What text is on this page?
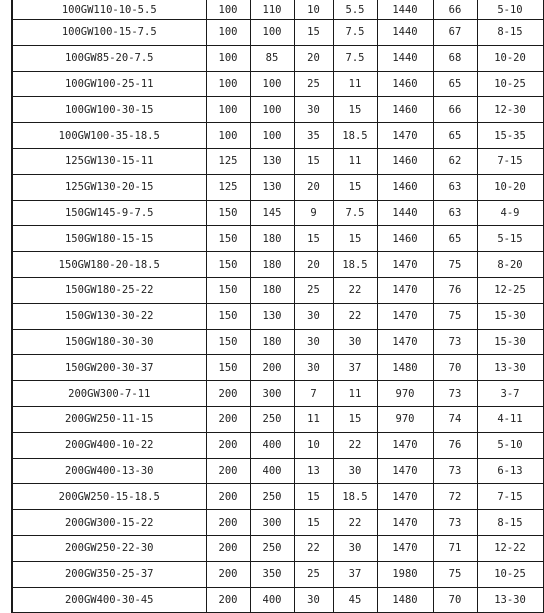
100GW110-10-5.5	100	110	10	5.5	1440	66	5-10
100GW100-15-7.5	100	100	15	7.5	1440	67	8-15
100GW85-20-7.5	100	85	20	7.5	1440	68	10-20
100GW100-25-11	100	100	25	11	1460	65	10-25
100GW100-30-15	100	100	30	15	1460	66	12-30
100GW100-35-18.5	100	100	35	18.5	1470	65	15-35
125GW130-15-11	125	130	15	11	1460	62	7-15
125GW130-20-15	125	130	20	15	1460	63	10-20
150GW145-9-7.5	150	145	9	7.5	1440	63	4-9
150GW180-15-15	150	180	15	15	1460	65	5-15
150GW180-20-18.5	150	180	20	18.5	1470	75	8-20
150GW180-25-22	150	180	25	22	1470	76	12-25
150GW130-30-22	150	130	30	22	1470	75	15-30
150GW180-30-30	150	180	30	30	1470	73	15-30
150GW200-30-37	150	200	30	37	1480	70	13-30
200GW300-7-11	200	300	7	11	970	73	3-7
200GW250-11-15	200	250	11	15	970	74	4-11
200GW400-10-22	200	400	10	22	1470	76	5-10
200GW400-13-30	200	400	13	30	1470	73	6-13
200GW250-15-18.5	200	250	15	18.5	1470	72	7-15
200GW300-15-22	200	300	15	22	1470	73	8-15
200GW250-22-30	200	250	22	30	1470	71	12-22
200GW350-25-37	200	350	25	37	1980	75	10-25
200GW400-30-45	200	400	30	45	1480	70	13-30
